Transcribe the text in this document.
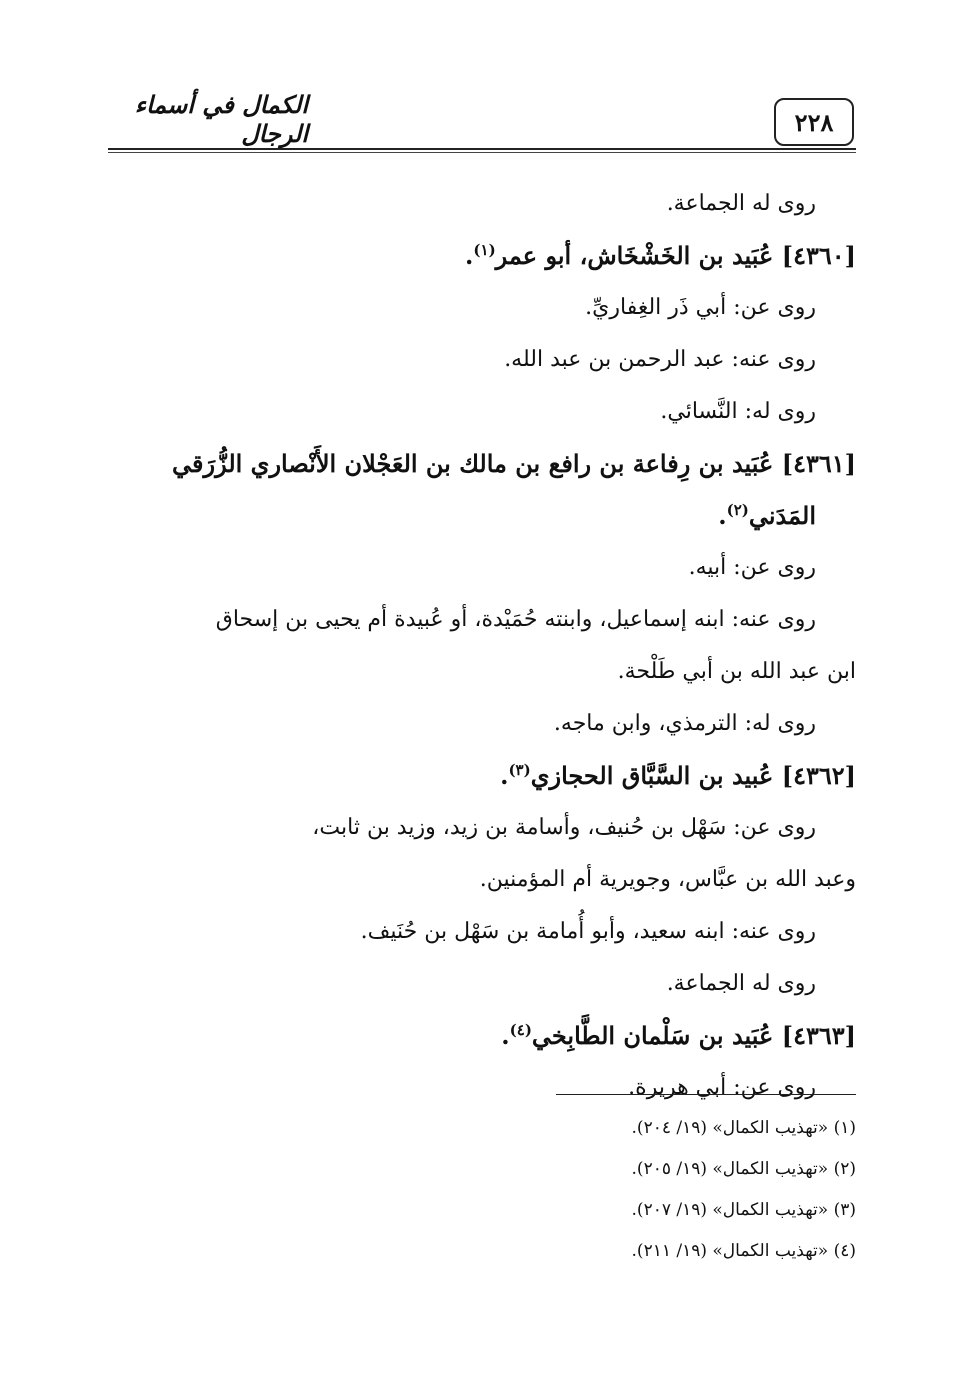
الكمال في أسماء الرجال	٢٢٨
روى له الجماعة.
[٤٣٦٠] عُبَيد بن الخَشْخَاش، أبو عمر$^{(١)}$.
روى عن: أبي ذَر الغِفاريِّ.
روى عنه: عبد الرحمن بن عبد الله.
روى له: النَّسائي.
[٤٣٦١] عُبَيد بن رِفاعة بن رافع بن مالك بن العَجْلان الأَنْصاري الزُّرَقي
المَدَني$^{(٢)}$.
روى عن: أبيه.
روى عنه: ابنه إسماعيل، وابنته حُمَيْدة، أو عُبيدة أم يحيى بن إسحاق
ابن عبد الله بن أبي طَلْحة.
روى له: الترمذي، وابن ماجه.
[٤٣٦٢] عُبيد بن السَّبَّاق الحجازي$^{(٣)}$.
روى عن: سَهْل بن حُنيف، وأسامة بن زيد، وزيد بن ثابت،
وعبد الله بن عبَّاس، وجويرية أم المؤمنين.
روى عنه: ابنه سعيد، وأبو أُمامة بن سَهْل بن حُنَيف.
روى له الجماعة.
[٤٣٦٣] عُبَيد بن سَلْمان الطَّابِخي$^{(٤)}$.
روى عن: أبي هريرة.
(١) «تهذيب الكمال» (١٩/ ٢٠٤).
(٢) «تهذيب الكمال» (١٩/ ٢٠٥).
(٣) «تهذيب الكمال» (١٩/ ٢٠٧).
(٤) «تهذيب الكمال» (١٩/ ٢١١).
